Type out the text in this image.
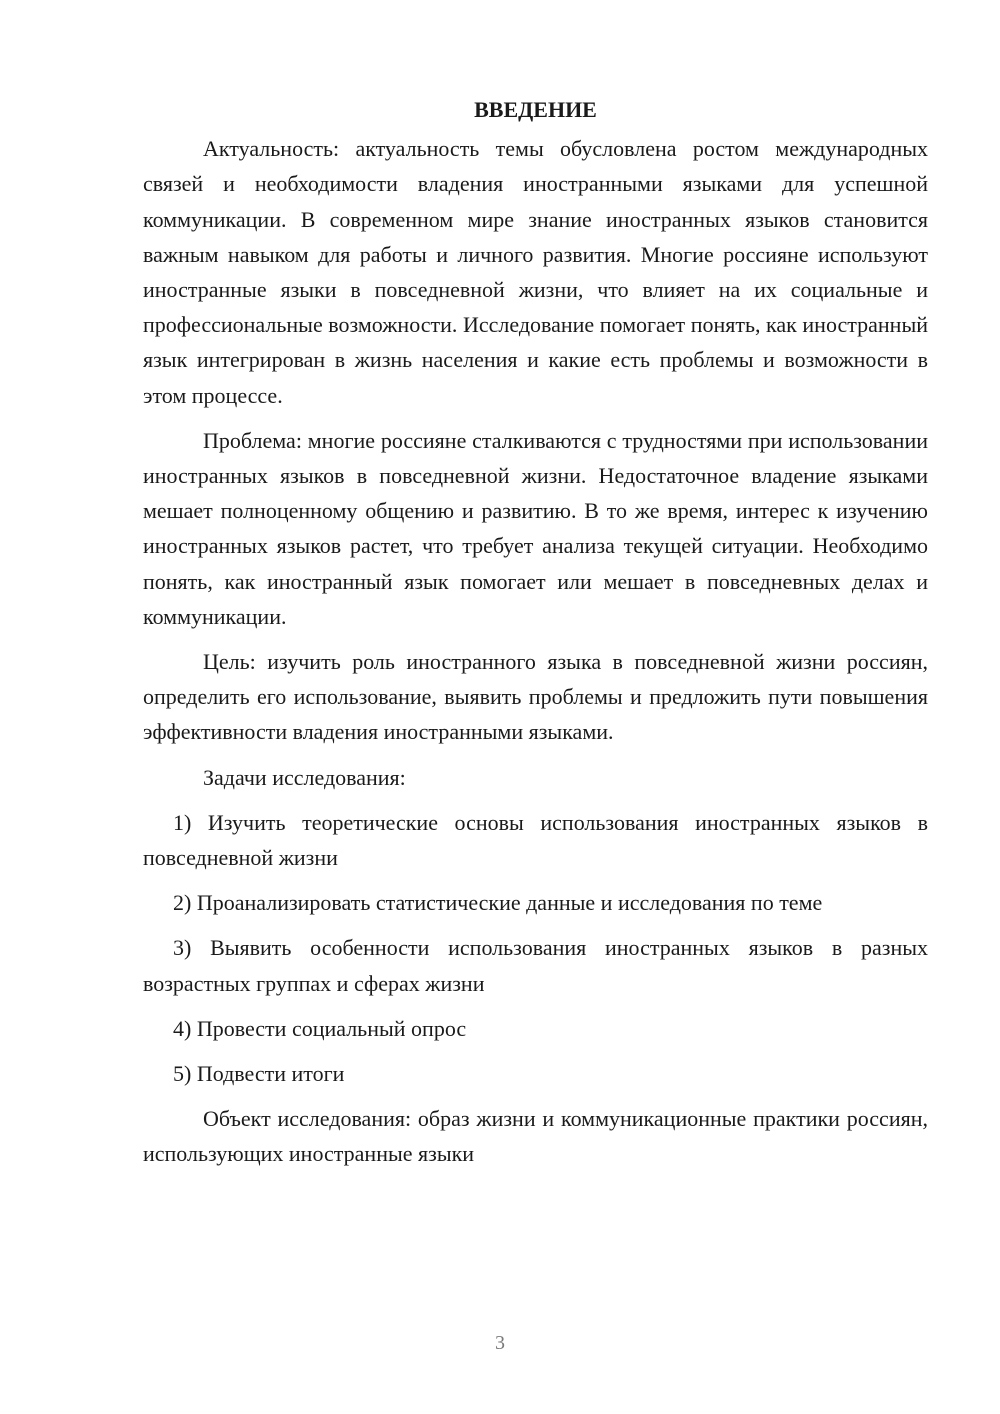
ВВЕДЕНИЕ

Актуальность: актуальность темы обусловлена ростом международных связей и необходимости владения иностранными языками для успешной коммуникации. В современном мире знание иностранных языков становится важным навыком для работы и личного развития. Многие россияне используют иностранные языки в повседневной жизни, что влияет на их социальные и профессиональные возможности. Исследование помогает понять, как иностранный язык интегрирован в жизнь населения и какие есть проблемы и возможности в этом процессе.

Проблема: многие россияне сталкиваются с трудностями при использовании иностранных языков в повседневной жизни. Недостаточное владение языками мешает полноценному общению и развитию. В то же время, интерес к изучению иностранных языков растет, что требует анализа текущей ситуации. Необходимо понять, как иностранный язык помогает или мешает в повседневных делах и коммуникации.

Цель: изучить роль иностранного языка в повседневной жизни россиян, определить его использование, выявить проблемы и предложить пути повышения эффективности владения иностранными языками.

Задачи исследования:

1) Изучить теоретические основы использования иностранных языков в повседневной жизни

2) Проанализировать статистические данные и исследования по теме

3) Выявить особенности использования иностранных языков в разных возрастных группах и сферах жизни

4) Провести социальный опрос

5) Подвести итоги

Объект исследования: образ жизни и коммуникационные практики россиян, использующих иностранные языки

3
